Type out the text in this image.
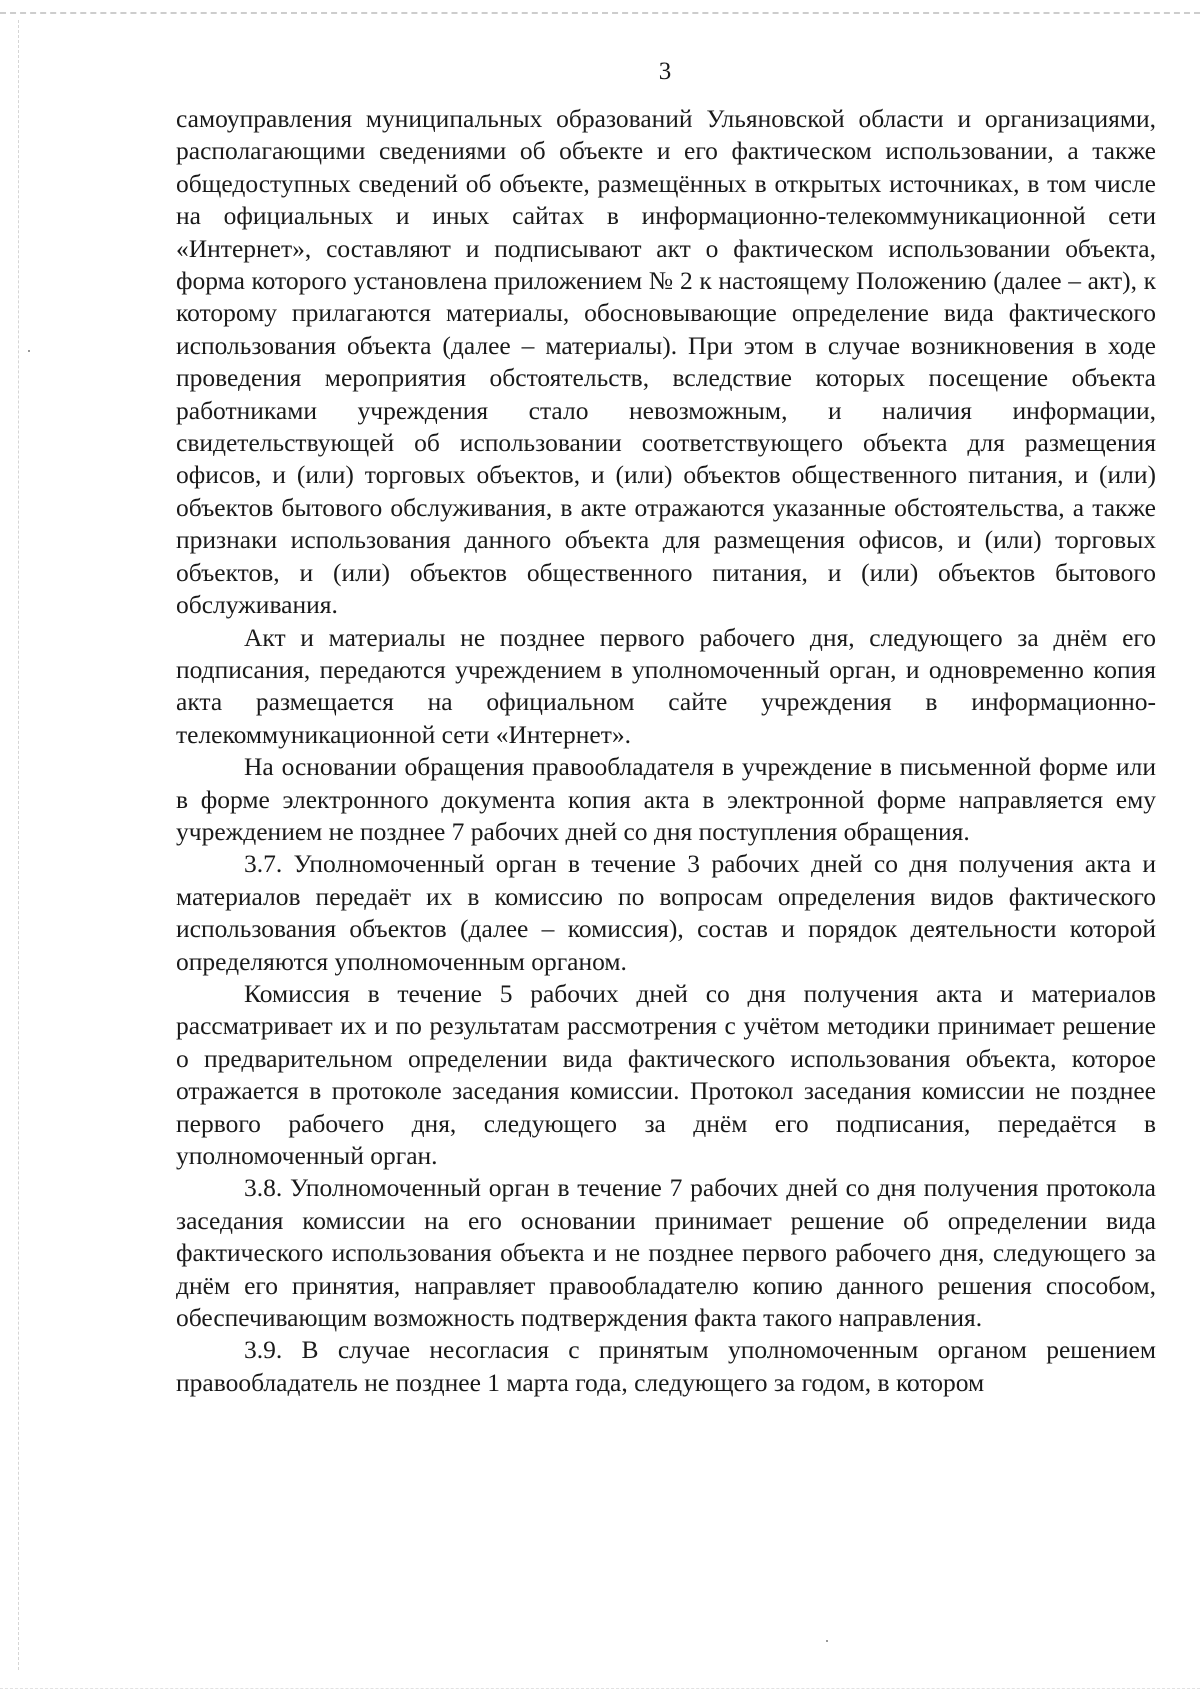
3

самоуправления муниципальных образований Ульяновской области и организациями, располагающими сведениями об объекте и его фактическом использовании, а также общедоступных сведений об объекте, размещённых в открытых источниках, в том числе на официальных и иных сайтах в информационно-телекоммуникационной сети «Интернет», составляют и подписывают акт о фактическом использовании объекта, форма которого установлена приложением № 2 к настоящему Положению (далее – акт), к которому прилагаются материалы, обосновывающие определение вида фактического использования объекта (далее – материалы). При этом в случае возникновения в ходе проведения мероприятия обстоятельств, вследствие которых посещение объекта работниками учреждения стало невозможным, и наличия информации, свидетельствующей об использовании соответствующего объекта для размещения офисов, и (или) торговых объектов, и (или) объектов общественного питания, и (или) объектов бытового обслуживания, в акте отражаются указанные обстоятельства, а также признаки использования данного объекта для размещения офисов, и (или) торговых объектов, и (или) объектов общественного питания, и (или) объектов бытового обслуживания.

Акт и материалы не позднее первого рабочего дня, следующего за днём его подписания, передаются учреждением в уполномоченный орган, и одновременно копия акта размещается на официальном сайте учреждения в информационно-телекоммуникационной сети «Интернет».

На основании обращения правообладателя в учреждение в письменной форме или в форме электронного документа копия акта в электронной форме направляется ему учреждением не позднее 7 рабочих дней со дня поступления обращения.

3.7. Уполномоченный орган в течение 3 рабочих дней со дня получения акта и материалов передаёт их в комиссию по вопросам определения видов фактического использования объектов (далее – комиссия), состав и порядок деятельности которой определяются уполномоченным органом.

Комиссия в течение 5 рабочих дней со дня получения акта и материалов рассматривает их и по результатам рассмотрения с учётом методики принимает решение о предварительном определении вида фактического использования объекта, которое отражается в протоколе заседания комиссии. Протокол заседания комиссии не позднее первого рабочего дня, следующего за днём его подписания, передаётся в уполномоченный орган.

3.8. Уполномоченный орган в течение 7 рабочих дней со дня получения протокола заседания комиссии на его основании принимает решение об определении вида фактического использования объекта и не позднее первого рабочего дня, следующего за днём его принятия, направляет правообладателю копию данного решения способом, обеспечивающим возможность подтверждения факта такого направления.

3.9. В случае несогласия с принятым уполномоченным органом решением правообладатель не позднее 1 марта года, следующего за годом, в котором
